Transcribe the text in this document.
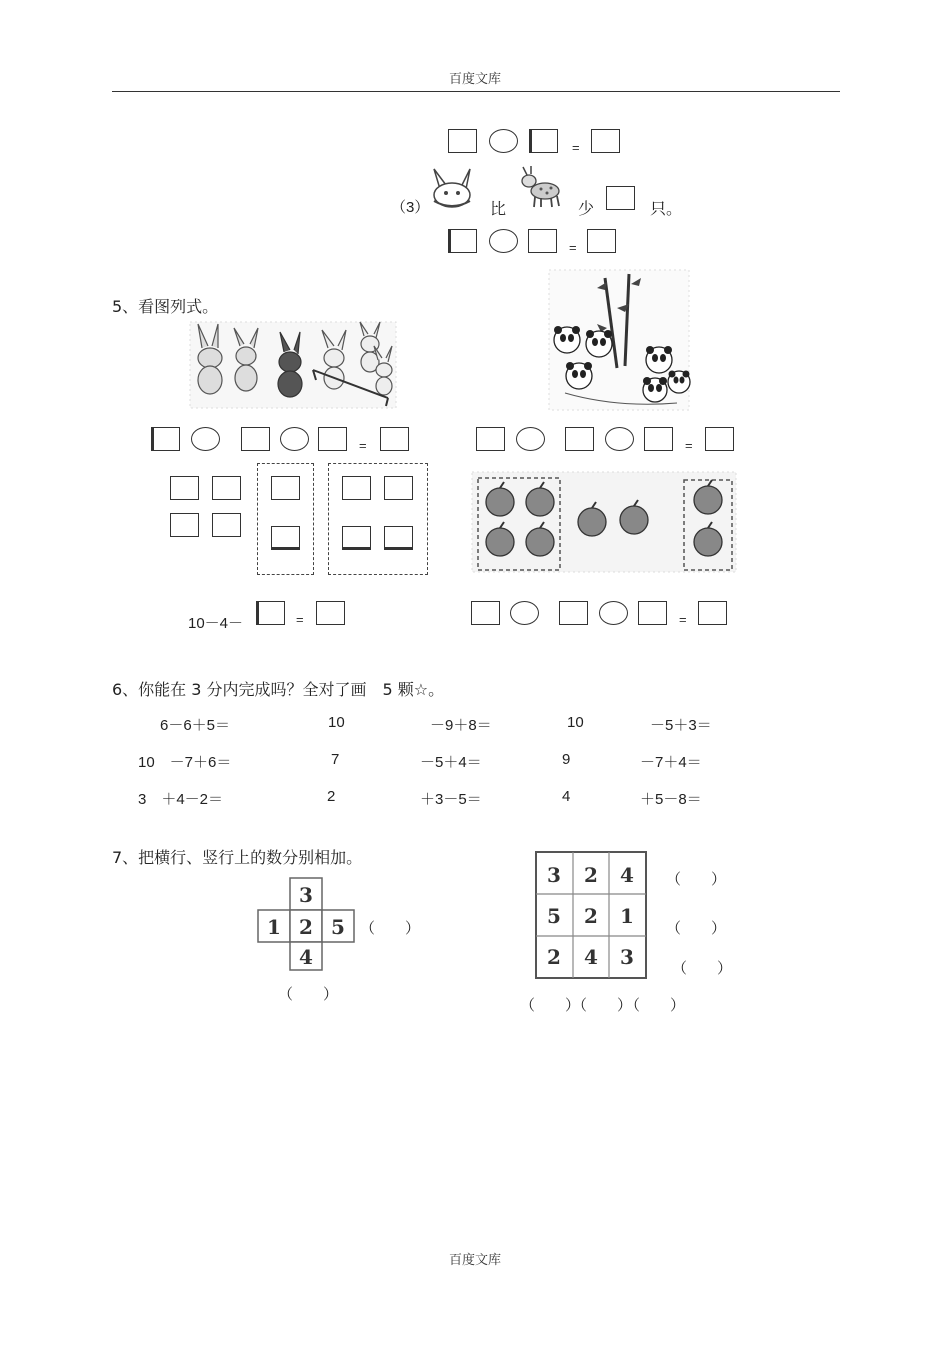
百度文库
=
（3）	比	少	只。
=
5、看图列式。
=	=
10－4－	=	=
6、你能在 3 分内完成吗？全对了画　5 颗☆。
6－6＋5＝	10	－9＋8＝	10	－5＋3＝
10　－7＋6＝	7	－5＋4＝	9	－7＋4＝
3　＋4－2＝	2	＋3－5＝	4	＋5－8＝
7、把横行、竖行上的数分别相加。
3
1 2 5
4
（　　）
（　　）
3 2 4
5 2 1
2 4 3
（　　）
（　　）
（　　）
（　　）
（　　）
（　　）
百度文库
